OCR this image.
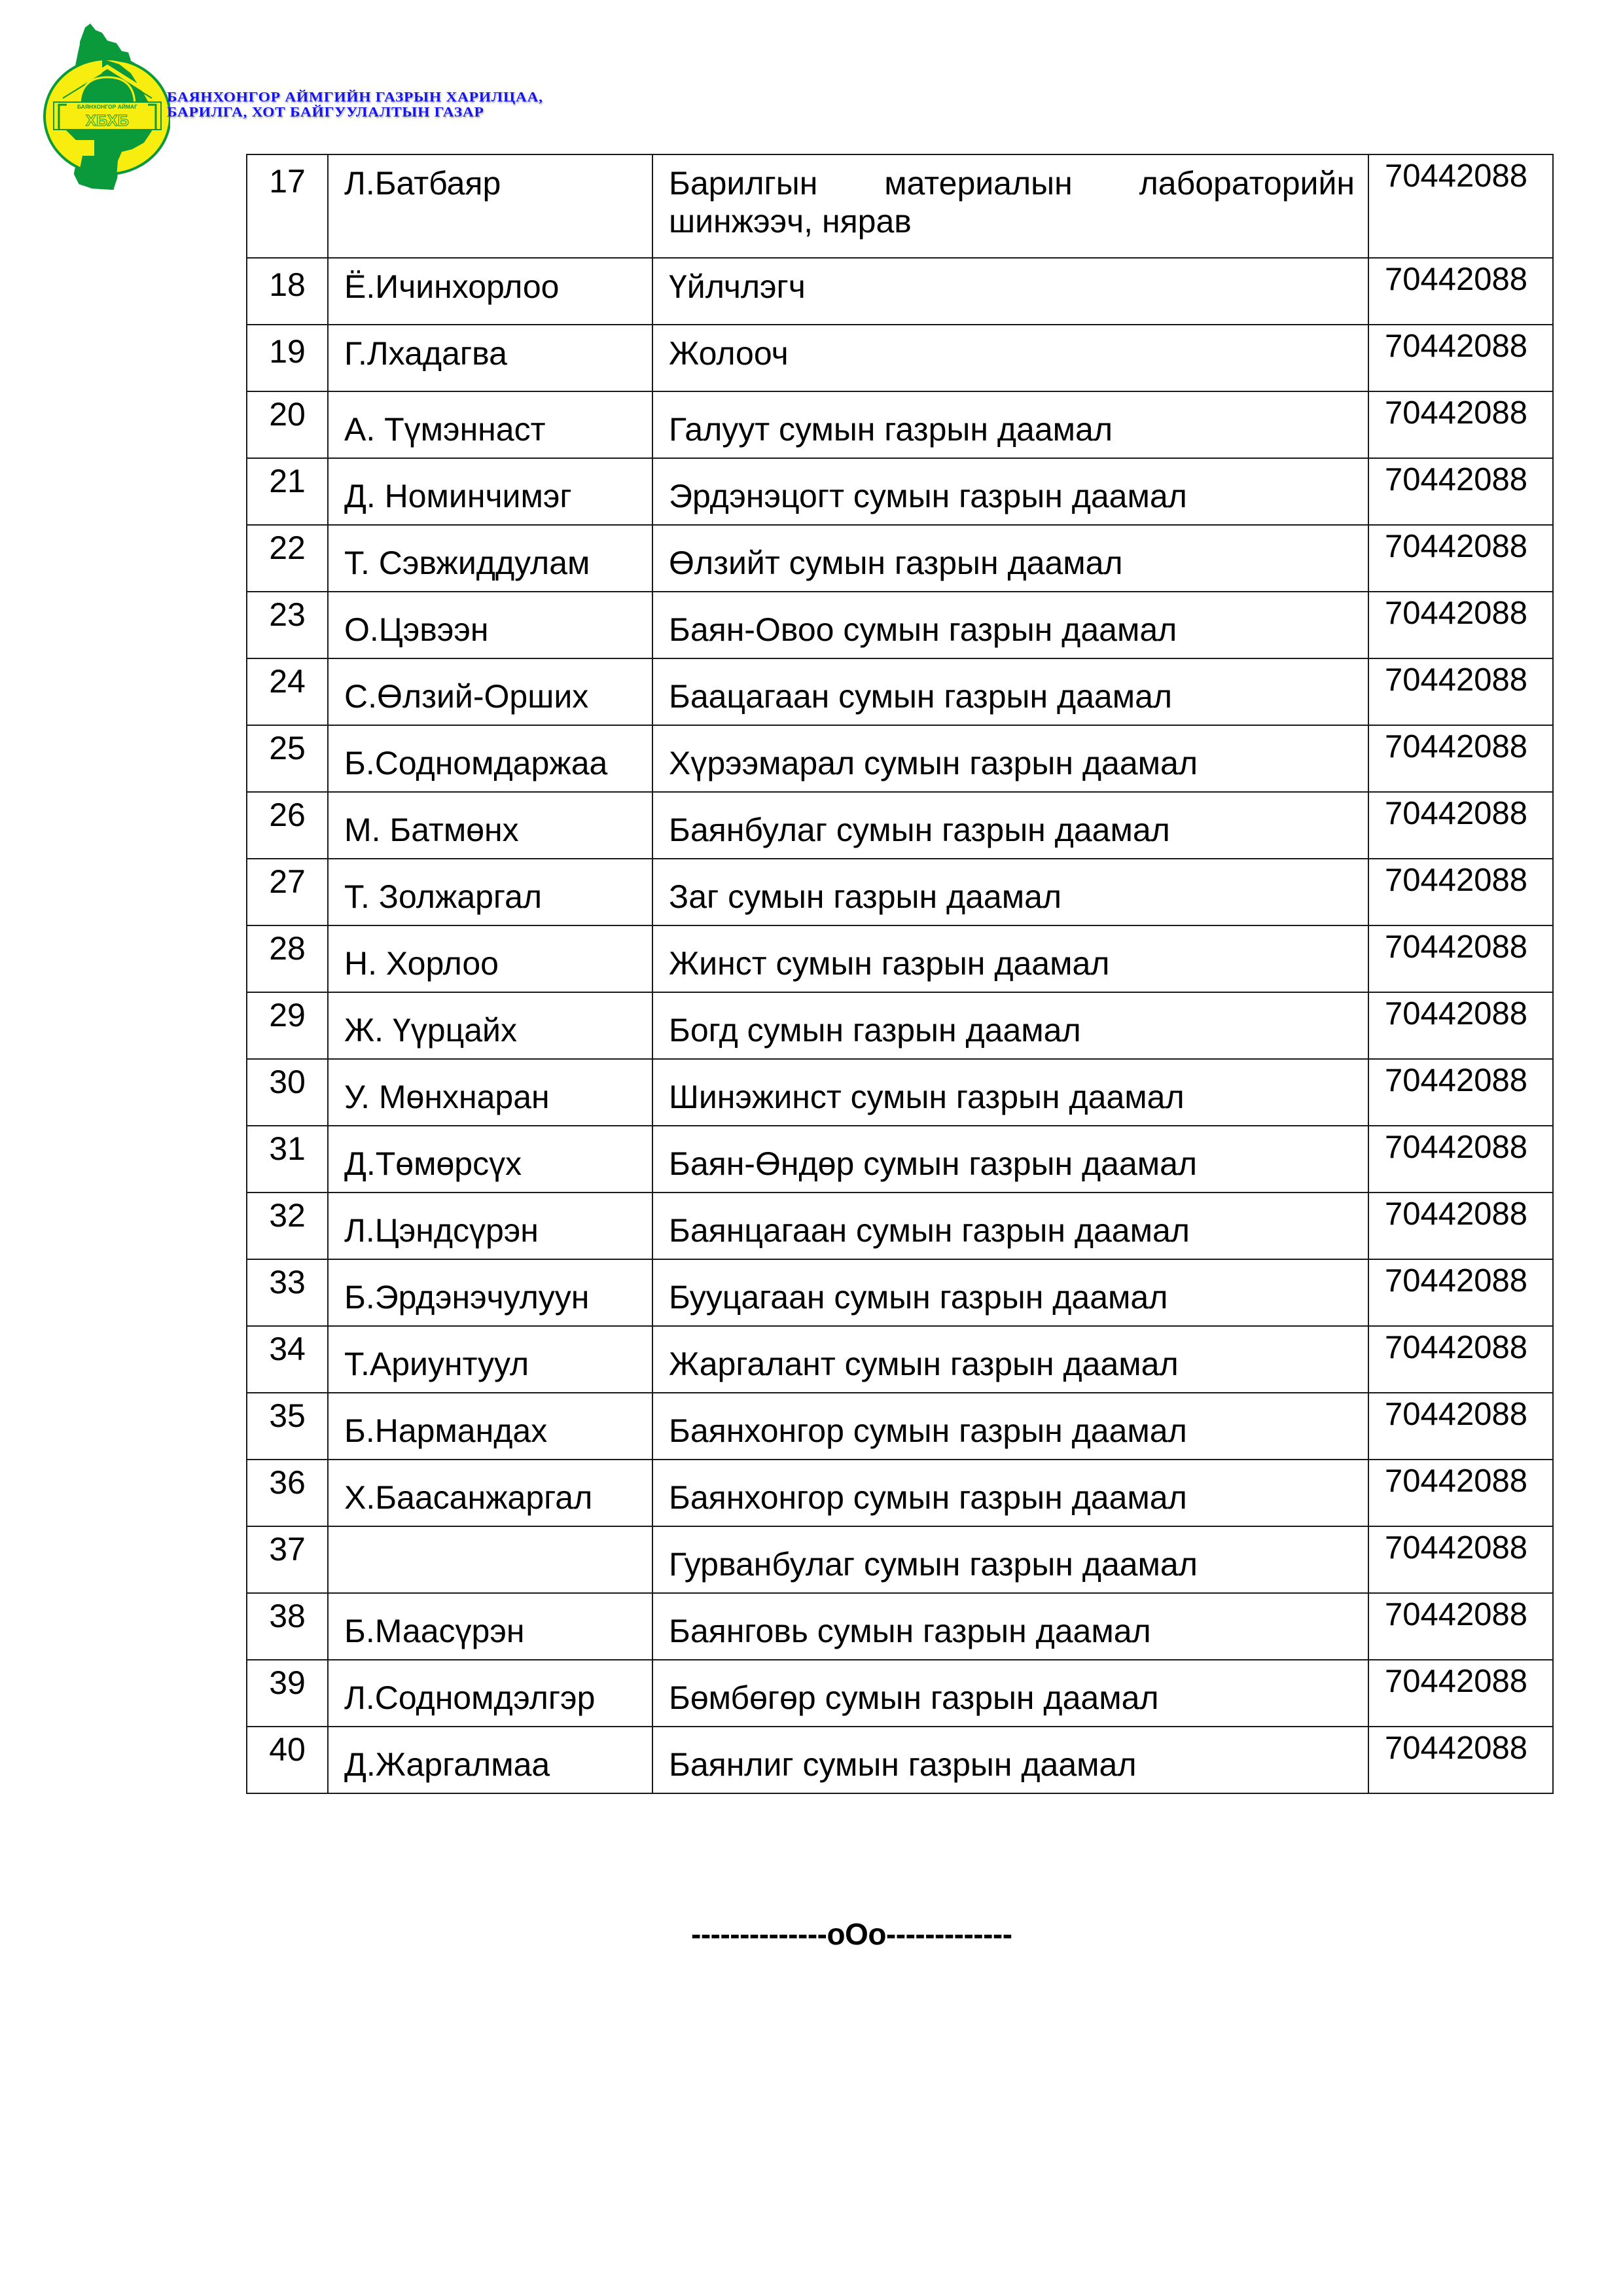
БАЯНХОНГОР АЙМАГ
ХБХБ
БАЯНХОНГОР АЙМГИЙН ГАЗРЫН ХАРИЛЦАА,
БАРИЛГА, ХОТ БАЙГУУЛАЛТЫН ГАЗАР
17	Л.Батбаяр	Барилгын материалын лабораторийн шинжээч, нярав	70442088

18	Ё.Ичинхорлоо	Үйлчлэгч	70442088

19	Г.Лхадагва	Жолооч	70442088

20	А. Түмэннаст	Галуут сумын газрын даамал	70442088

21	Д. Номинчимэг	Эрдэнэцогт сумын газрын даамал	70442088

22	Т. Сэвжиддулам	Өлзийт сумын газрын даамал	70442088

23	О.Цэвээн	Баян-Овоо сумын газрын даамал	70442088

24	С.Өлзий-Орших	Баацагаан сумын газрын даамал	70442088

25	Б.Содномдаржаа	Хүрээмарал сумын газрын даамал	70442088

26	М. Батмөнх	Баянбулаг сумын газрын даамал	70442088

27	Т. Золжаргал	Заг сумын газрын даамал	70442088

28	Н. Хорлоо	Жинст сумын газрын даамал	70442088

29	Ж. Үүрцайх	Богд сумын газрын даамал	70442088

30	У. Мөнхнаран	Шинэжинст сумын газрын даамал	70442088

31	Д.Төмөрсүх	Баян-Өндөр сумын газрын даамал	70442088

32	Л.Цэндсүрэн	Баянцагаан сумын газрын даамал	70442088

33	Б.Эрдэнэчулуун	Бууцагаан сумын газрын даамал	70442088

34	Т.Ариунтуул	Жаргалант сумын газрын даамал	70442088

35	Б.Нармандах	Баянхонгор сумын газрын даамал	70442088

36	Х.Баасанжаргал	Баянхонгор сумын газрын даамал	70442088

37		Гурванбулаг сумын газрын даамал	70442088

38	Б.Маасүрэн	Баянговь сумын газрын даамал	70442088

39	Л.Содномдэлгэр	Бөмбөгөр сумын газрын даамал	70442088

40	Д.Жаргалмаа	Баянлиг сумын газрын даамал	70442088
--------------oOo-------------
